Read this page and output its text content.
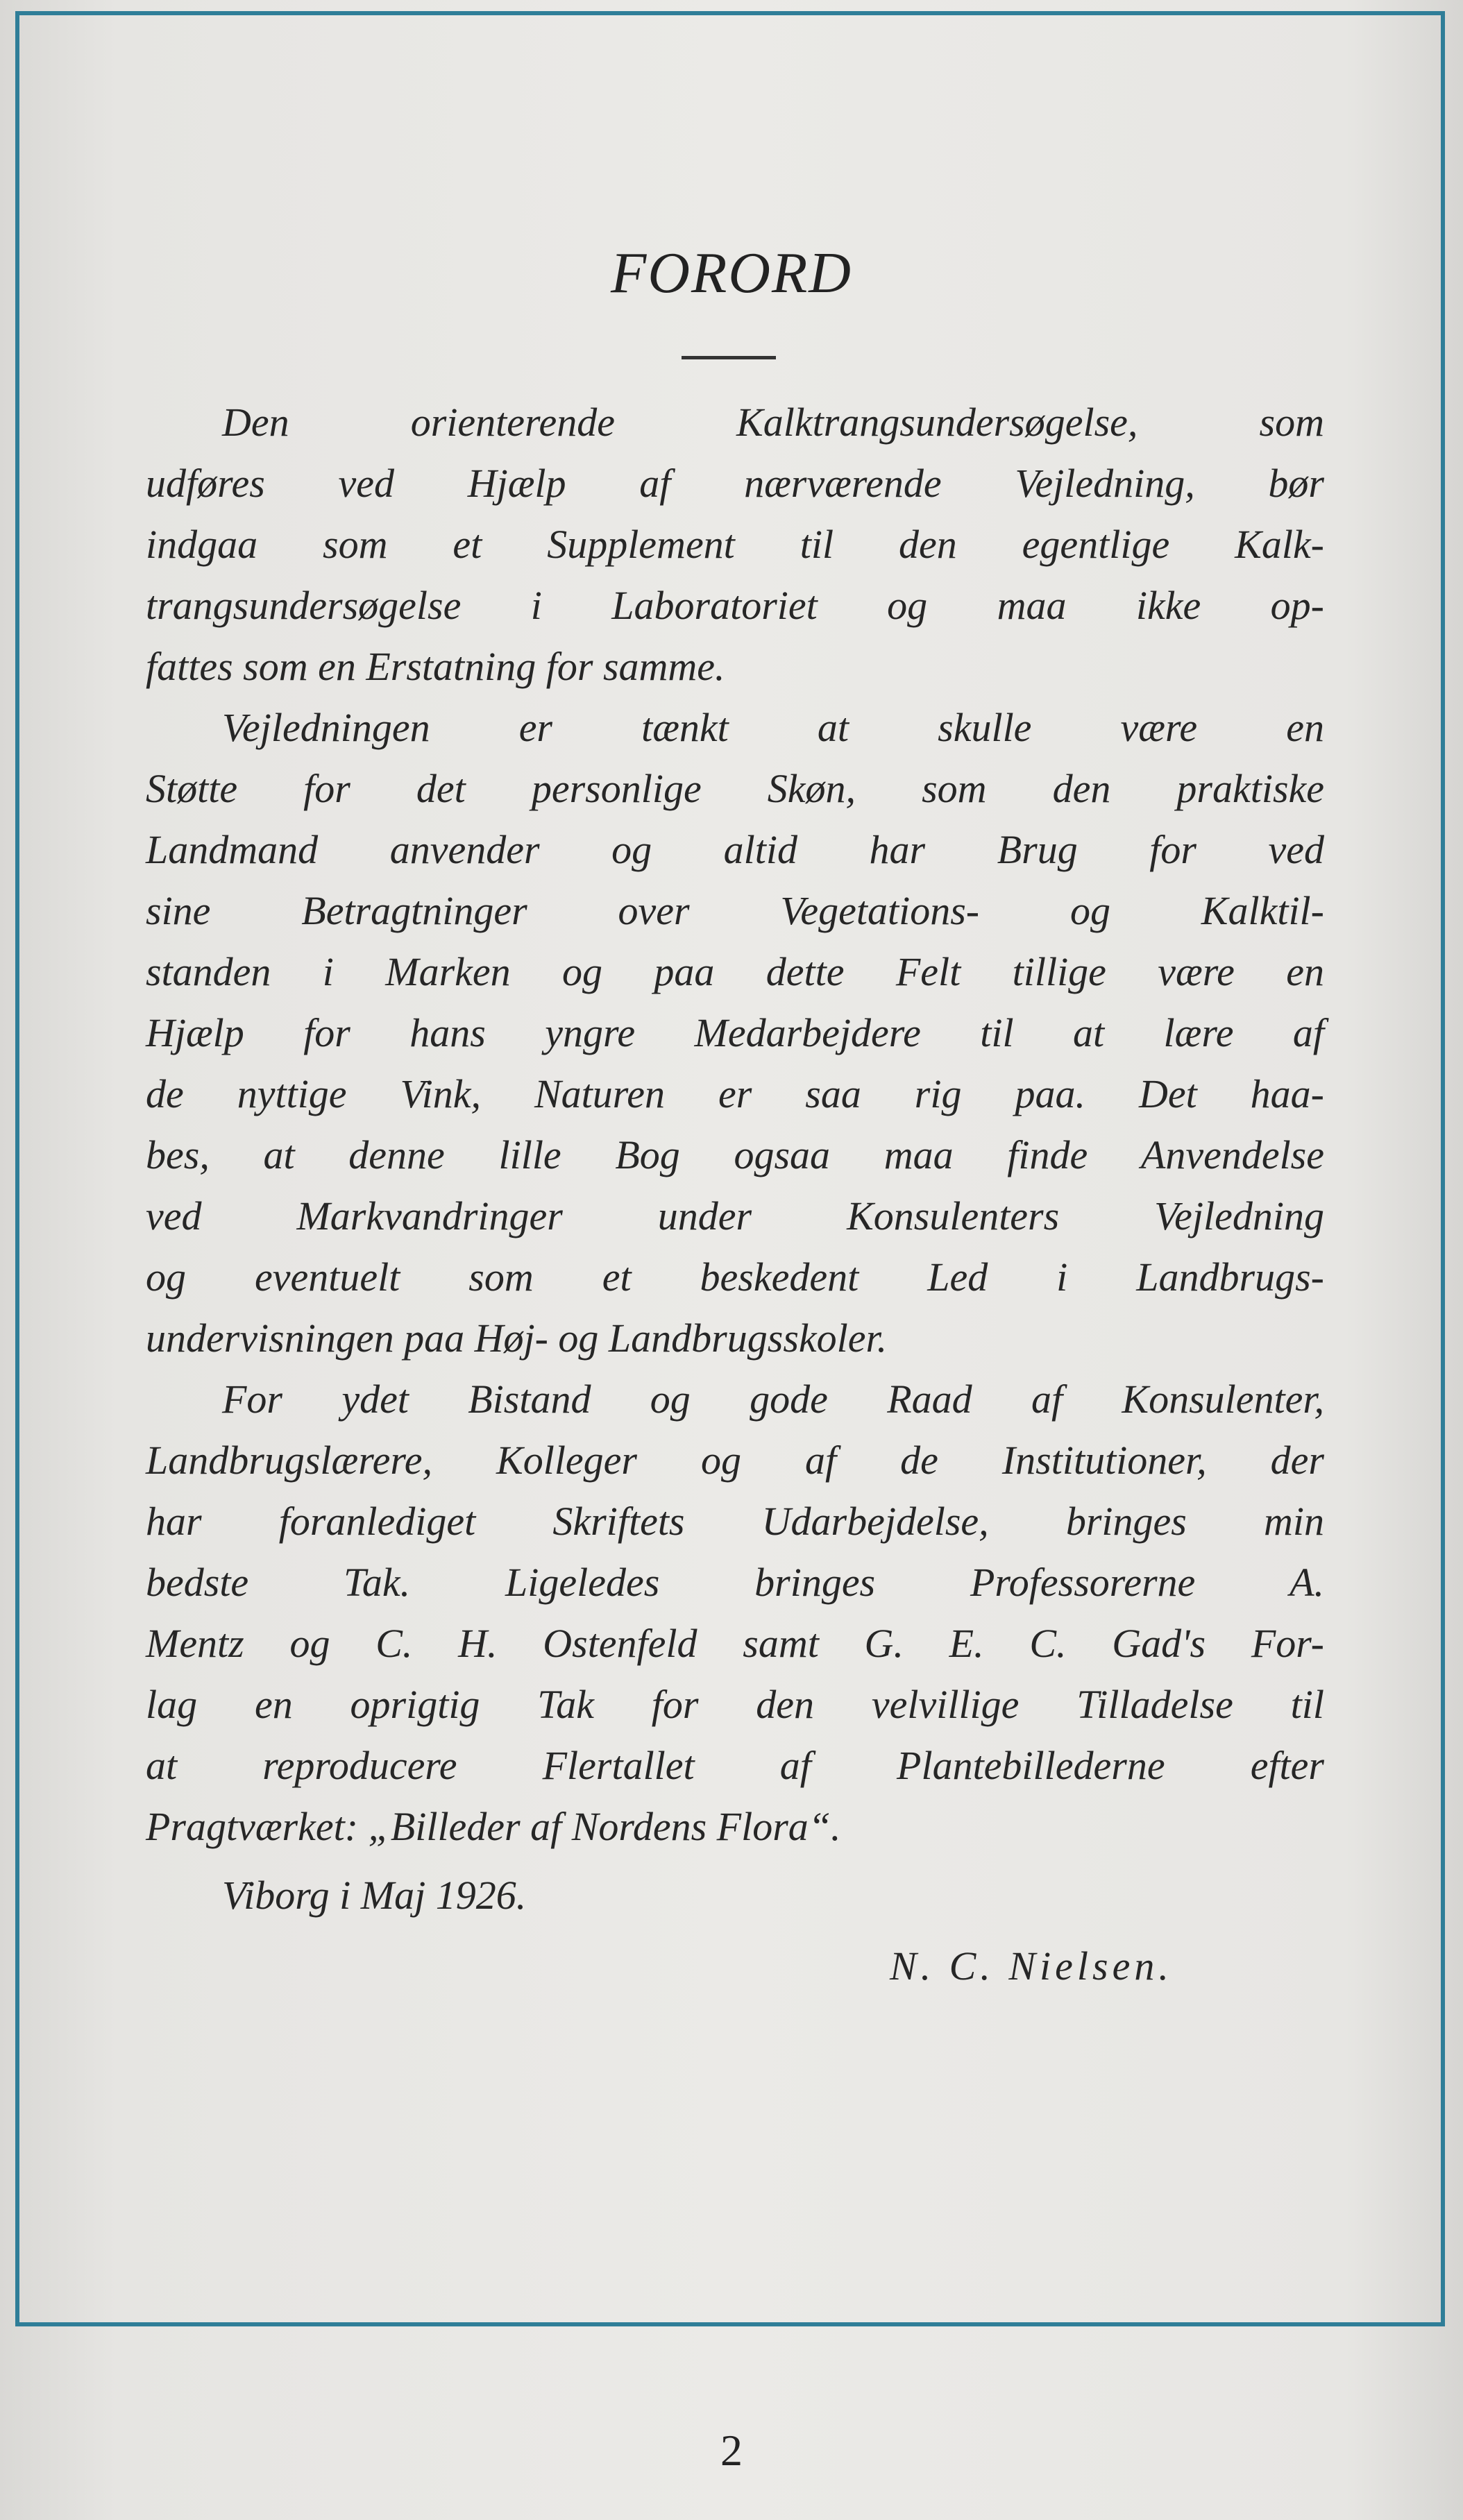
FORORD
Den orienterende Kalktrangsundersøgelse, som
udføres ved Hjælp af nærværende Vejledning, bør
indgaa som et Supplement til den egentlige Kalk-
trangsundersøgelse i Laboratoriet og maa ikke op-
fattes som en Erstatning for samme.
Vejledningen er tænkt at skulle være en
Støtte for det personlige Skøn, som den praktiske
Landmand anvender og altid har Brug for ved
sine Betragtninger over Vegetations- og Kalktil-
standen i Marken og paa dette Felt tillige være en
Hjælp for hans yngre Medarbejdere til at lære af
de nyttige Vink, Naturen er saa rig paa. Det haa-
bes, at denne lille Bog ogsaa maa finde Anvendelse
ved Markvandringer under Konsulenters Vejledning
og eventuelt som et beskedent Led i Landbrugs-
undervisningen paa Høj- og Landbrugsskoler.
For ydet Bistand og gode Raad af Konsulenter,
Landbrugslærere, Kolleger og af de Institutioner, der
har foranlediget Skriftets Udarbejdelse, bringes min
bedste Tak. Ligeledes bringes Professorerne A.
Mentz og C. H. Ostenfeld samt G. E. C. Gad's For-
lag en oprigtig Tak for den velvillige Tilladelse til
at reproducere Flertallet af Plantebillederne efter
Pragtværket: „Billeder af Nordens Flora“.
Viborg i Maj 1926.
N. C. Nielsen.
2
